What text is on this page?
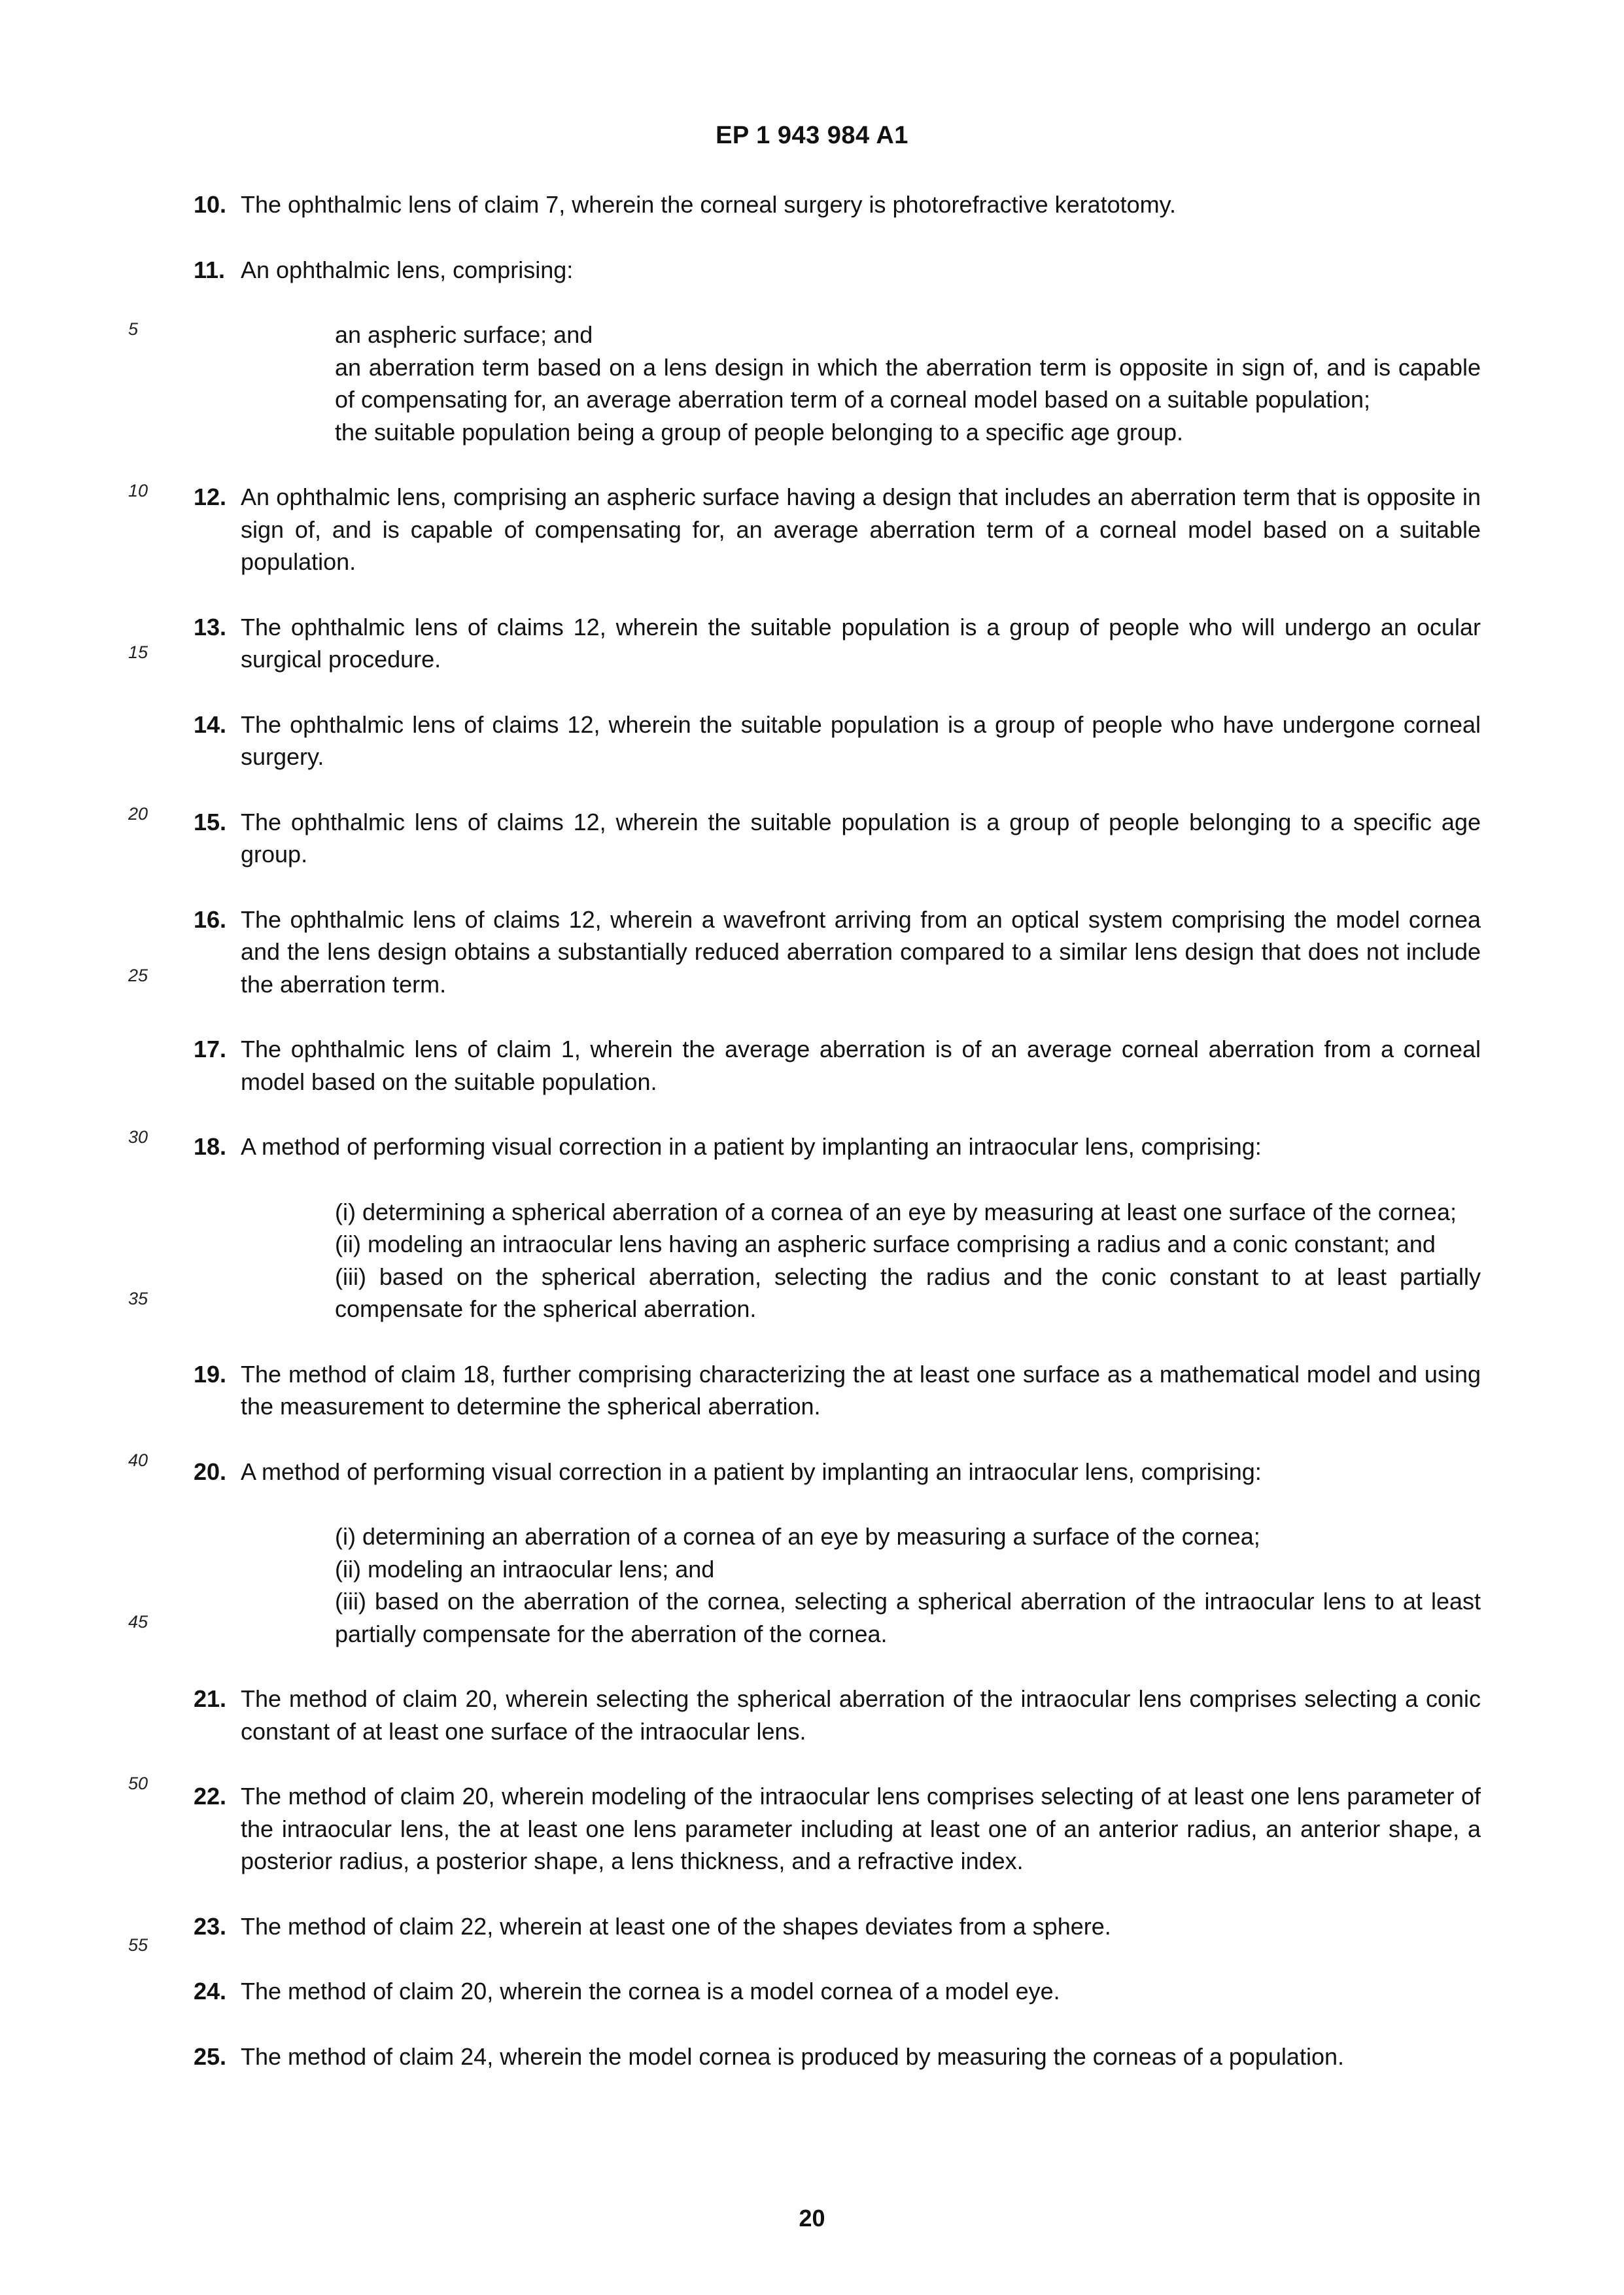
EP 1 943 984 A1
5
10
15
20
25
30
35
40
45
50
55
10. The ophthalmic lens of claim 7, wherein the corneal surgery is photorefractive keratotomy.
11. An ophthalmic lens, comprising:
an aspheric surface; and
an aberration term based on a lens design in which the aberration term is opposite in sign of, and is capable of compensating for, an average aberration term of a corneal model based on a suitable population;
the suitable population being a group of people belonging to a specific age group.
12. An ophthalmic lens, comprising an aspheric surface having a design that includes an aberration term that is opposite in sign of, and is capable of compensating for, an average aberration term of a corneal model based on a suitable population.
13. The ophthalmic lens of claims 12, wherein the suitable population is a group of people who will undergo an ocular surgical procedure.
14. The ophthalmic lens of claims 12, wherein the suitable population is a group of people who have undergone corneal surgery.
15. The ophthalmic lens of claims 12, wherein the suitable population is a group of people belonging to a specific age group.
16. The ophthalmic lens of claims 12, wherein a wavefront arriving from an optical system comprising the model cornea and the lens design obtains a substantially reduced aberration compared to a similar lens design that does not include the aberration term.
17. The ophthalmic lens of claim 1, wherein the average aberration is of an average corneal aberration from a corneal model based on the suitable population.
18. A method of performing visual correction in a patient by implanting an intraocular lens, comprising:
(i) determining a spherical aberration of a cornea of an eye by measuring at least one surface of the cornea;
(ii) modeling an intraocular lens having an aspheric surface comprising a radius and a conic constant; and
(iii) based on the spherical aberration, selecting the radius and the conic constant to at least partially compensate for the spherical aberration.
19. The method of claim 18, further comprising characterizing the at least one surface as a mathematical model and using the measurement to determine the spherical aberration.
20. A method of performing visual correction in a patient by implanting an intraocular lens, comprising:
(i) determining an aberration of a cornea of an eye by measuring a surface of the cornea;
(ii) modeling an intraocular lens; and
(iii) based on the aberration of the cornea, selecting a spherical aberration of the intraocular lens to at least partially compensate for the aberration of the cornea.
21. The method of claim 20, wherein selecting the spherical aberration of the intraocular lens comprises selecting a conic constant of at least one surface of the intraocular lens.
22. The method of claim 20, wherein modeling of the intraocular lens comprises selecting of at least one lens parameter of the intraocular lens, the at least one lens parameter including at least one of an anterior radius, an anterior shape, a posterior radius, a posterior shape, a lens thickness, and a refractive index.
23. The method of claim 22, wherein at least one of the shapes deviates from a sphere.
24. The method of claim 20, wherein the cornea is a model cornea of a model eye.
25. The method of claim 24, wherein the model cornea is produced by measuring the corneas of a population.
20
